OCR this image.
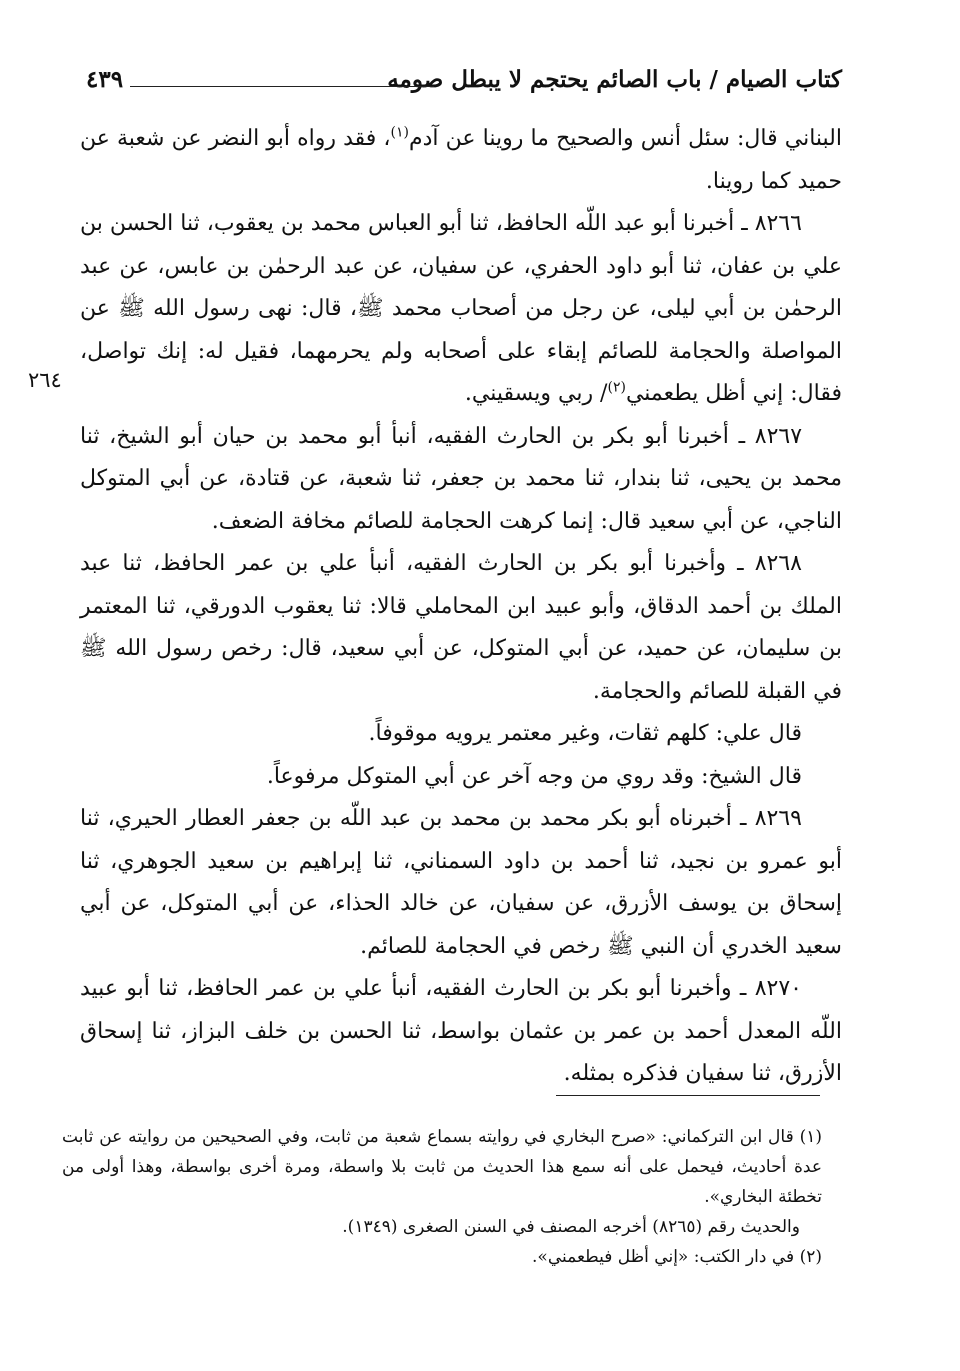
كتاب الصيام / باب الصائم يحتجم لا يبطل صومه
٤٣٩
٢٦٤

البناني قال: سئل أنس والصحيح ما روينا عن آدم$^{(١)}$، فقد رواه أبو النضر عن شعبة عن حميد كما روينا.

٨٢٦٦ ـ أخبرنا أبو عبد اللّه الحافظ، ثنا أبو العباس محمد بن يعقوب، ثنا الحسن بن علي بن عفان، ثنا أبو داود الحفري، عن سفيان، عن عبد الرحمٰن بن عابس، عن عبد الرحمٰن بن أبي ليلى، عن رجل من أصحاب محمد ﷺ، قال: نهى رسول الله ﷺ عن المواصلة والحجامة للصائم إبقاء على أصحابه ولم يحرمهما، فقيل له: إنك تواصل، فقال: إني أظل يطعمني$^{(٢)}$/ ربي ويسقيني.

٨٢٦٧ ـ أخبرنا أبو بكر بن الحارث الفقيه، أنبأ أبو محمد بن حيان أبو الشيخ، ثنا محمد بن يحيى، ثنا بندار، ثنا محمد بن جعفر، ثنا شعبة، عن قتادة، عن أبي المتوكل الناجي، عن أبي سعيد قال: إنما كرهت الحجامة للصائم مخافة الضعف.

٨٢٦٨ ـ وأخبرنا أبو بكر بن الحارث الفقيه، أنبأ علي بن عمر الحافظ، ثنا عبد الملك بن أحمد الدقاق، وأبو عبيد ابن المحاملي قالا: ثنا يعقوب الدورقي، ثنا المعتمر بن سليمان، عن حميد، عن أبي المتوكل، عن أبي سعيد، قال: رخص رسول الله ﷺ في القبلة للصائم والحجامة.

قال علي: كلهم ثقات، وغير معتمر يرويه موقوفاً.

قال الشيخ: وقد روي من وجه آخر عن أبي المتوكل مرفوعاً.

٨٢٦٩ ـ أخبرناه أبو بكر محمد بن محمد بن عبد اللّه بن جعفر العطار الحيري، ثنا أبو عمرو بن نجيد، ثنا أحمد بن داود السمناني، ثنا إبراهيم بن سعيد الجوهري، ثنا إسحاق بن يوسف الأزرق، عن سفيان، عن خالد الحذاء، عن أبي المتوكل، عن أبي سعيد الخدري أن النبي ﷺ رخص في الحجامة للصائم.

٨٢٧٠ ـ وأخبرنا أبو بكر بن الحارث الفقيه، أنبأ علي بن عمر الحافظ، ثنا أبو عبيد اللّه المعدل أحمد بن عمر بن عثمان بواسط، ثنا الحسن بن خلف البزاز، ثنا إسحاق الأزرق، ثنا سفيان فذكره بمثله.

(١) قال ابن التركماني: «صرح البخاري في روايته بسماع شعبة من ثابت، وفي الصحيحين من روايته عن ثابت عدة أحاديث، فيحمل على أنه سمع هذا الحديث من ثابت بلا واسطة، ومرة أخرى بواسطة، وهذا أولى من تخطئة البخاري».

والحديث رقم (٨٢٦٥) أخرجه المصنف في السنن الصغرى (١٣٤٩).

(٢) في دار الكتب: «إني أظل فيطعمني».
